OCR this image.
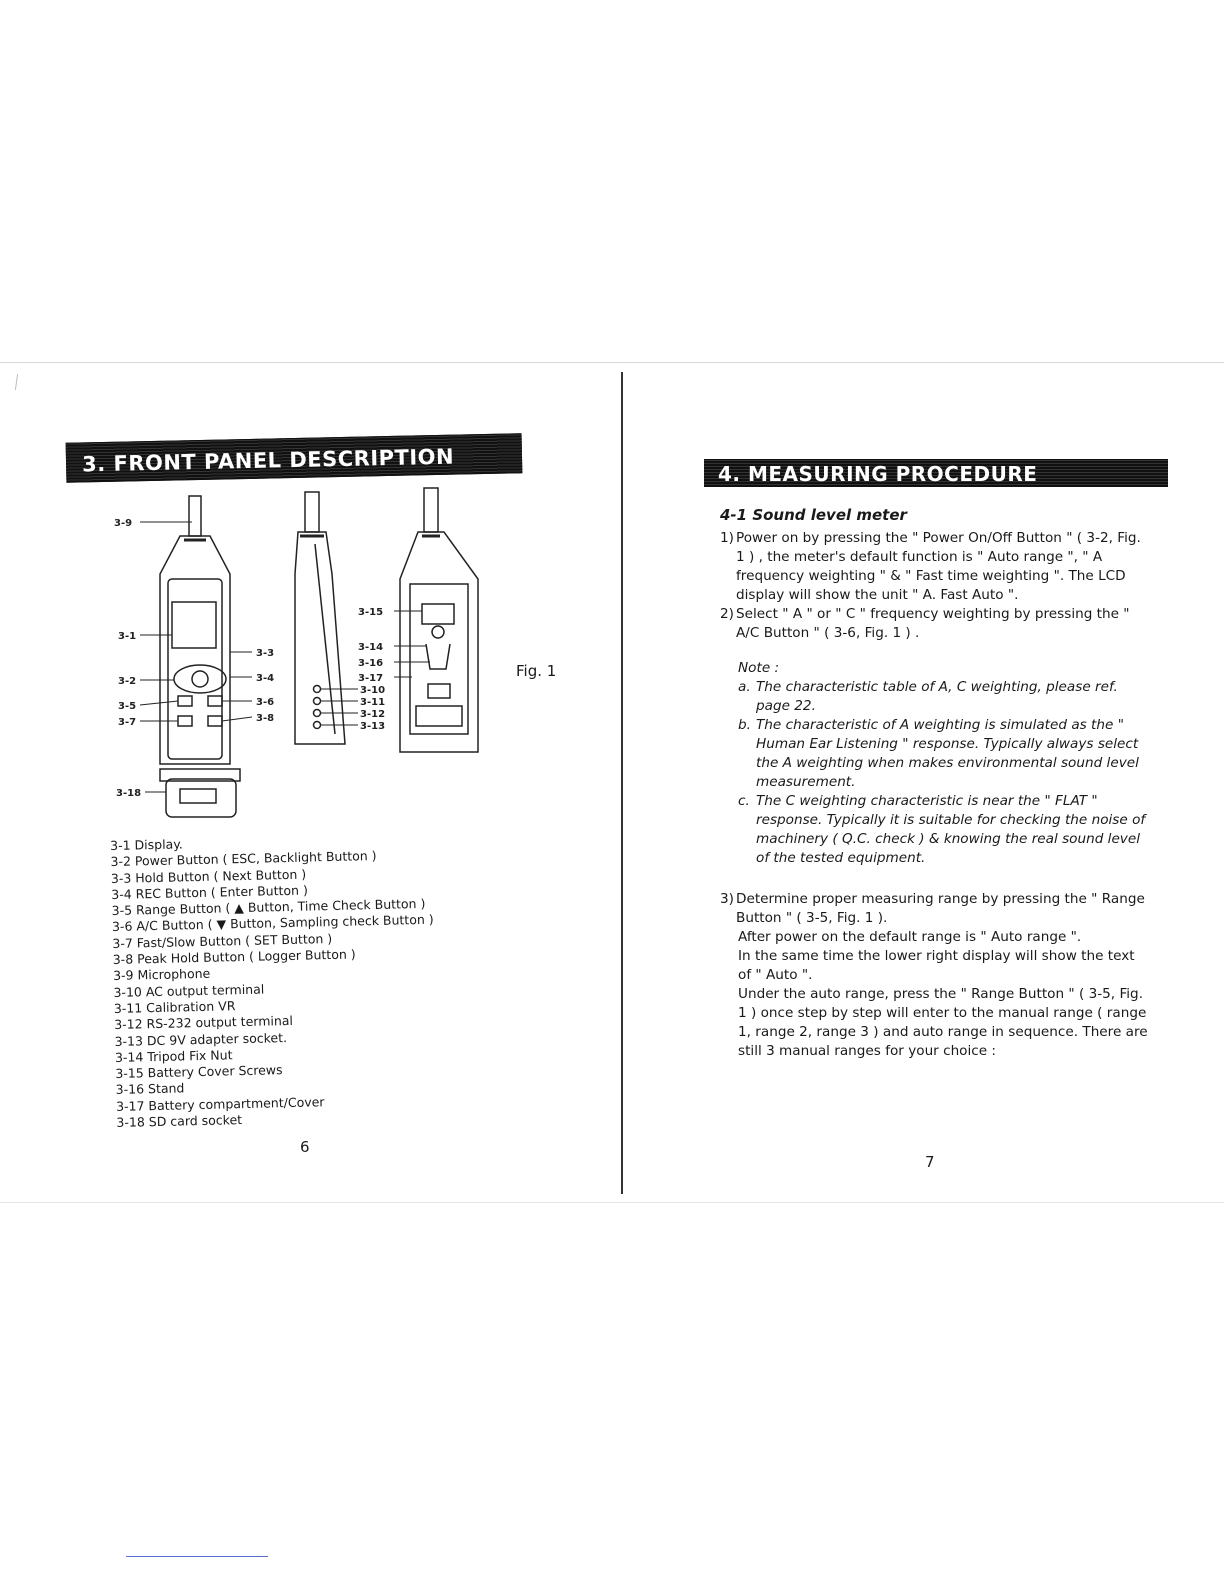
3. FRONT PANEL DESCRIPTION
3-9
3-1
3-3
3-2	3-4
3-5	3-6
3-7	3-8
3-15
3-14
3-16
3-17
3-10
3-11
3-12
3-13
3-18
Fig. 1
3-1 Display.
3-2 Power Button ( ESC, Backlight Button )
3-3 Hold Button ( Next Button )
3-4 REC Button ( Enter Button )
3-5 Range Button ( ▲ Button, Time Check Button )
3-6 A/C Button ( ▼ Button, Sampling check Button )
3-7 Fast/Slow Button ( SET Button )
3-8 Peak Hold Button ( Logger Button )
3-9 Microphone
3-10 AC output terminal
3-11 Calibration VR
3-12 RS-232 output terminal
3-13 DC 9V adapter socket.
3-14 Tripod Fix Nut
3-15 Battery Cover Screws
3-16 Stand
3-17 Battery compartment/Cover
3-18 SD card socket
6
4. MEASURING PROCEDURE
4-1 Sound level meter
1) Power on by pressing the " Power On/Off Button " ( 3-2, Fig. 1 ) , the meter's default function is " Auto range ", " A frequency weighting " & " Fast time weighting ". The LCD display will show the unit " A. Fast Auto ".
2) Select " A " or " C " frequency weighting by pressing the " A/C Button " ( 3-6, Fig. 1 ) .
Note :
a. The characteristic table of A, C weighting, please ref. page 22.
b. The characteristic of A weighting is simulated as the " Human Ear Listening " response. Typically always select the A weighting when makes environmental sound level measurement.
c. The C weighting characteristic is near the " FLAT " response. Typically it is suitable for checking the noise of machinery ( Q.C. check ) & knowing the real sound level of the tested equipment.
3) Determine proper measuring range by pressing the " Range Button " ( 3-5, Fig. 1 ).
After power on the default range is " Auto range ".
In the same time the lower right display will show the text of " Auto ".
Under the auto range, press the " Range Button " ( 3-5, Fig. 1 ) once step by step will enter to the manual range ( range 1, range 2, range 3 ) and auto range in sequence. There are still 3 manual ranges for your choice :
7
